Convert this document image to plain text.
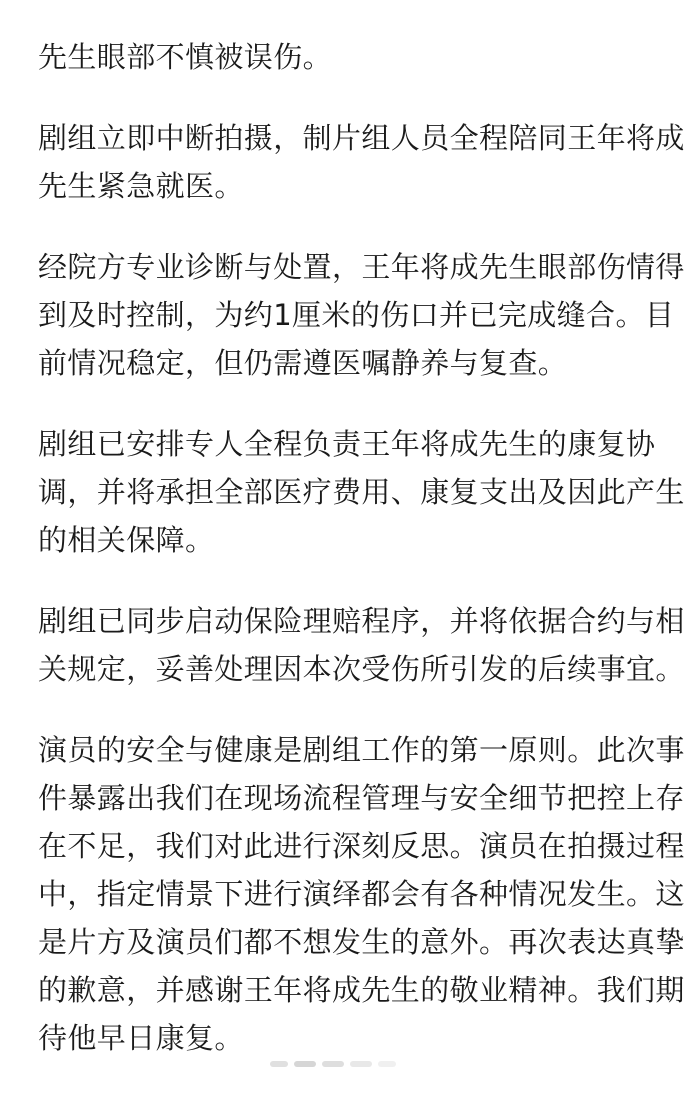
先生眼部不慎被误伤。

剧组立即中断拍摄，制片组人员全程陪同王年将成
先生紧急就医。

经院方专业诊断与处置，王年将成先生眼部伤情得
到及时控制，为约1厘米的伤口并已完成缝合。目
前情况稳定，但仍需遵医嘱静养与复查。

剧组已安排专人全程负责王年将成先生的康复协
调，并将承担全部医疗费用、康复支出及因此产生
的相关保障。

剧组已同步启动保险理赔程序，并将依据合约与相
关规定，妥善处理因本次受伤所引发的后续事宜。

演员的安全与健康是剧组工作的第一原则。此次事
件暴露出我们在现场流程管理与安全细节把控上存
在不足，我们对此进行深刻反思。演员在拍摄过程
中，指定情景下进行演绎都会有各种情况发生。这
是片方及演员们都不想发生的意外。再次表达真挚
的歉意，并感谢王年将成先生的敬业精神。我们期
待他早日康复。
